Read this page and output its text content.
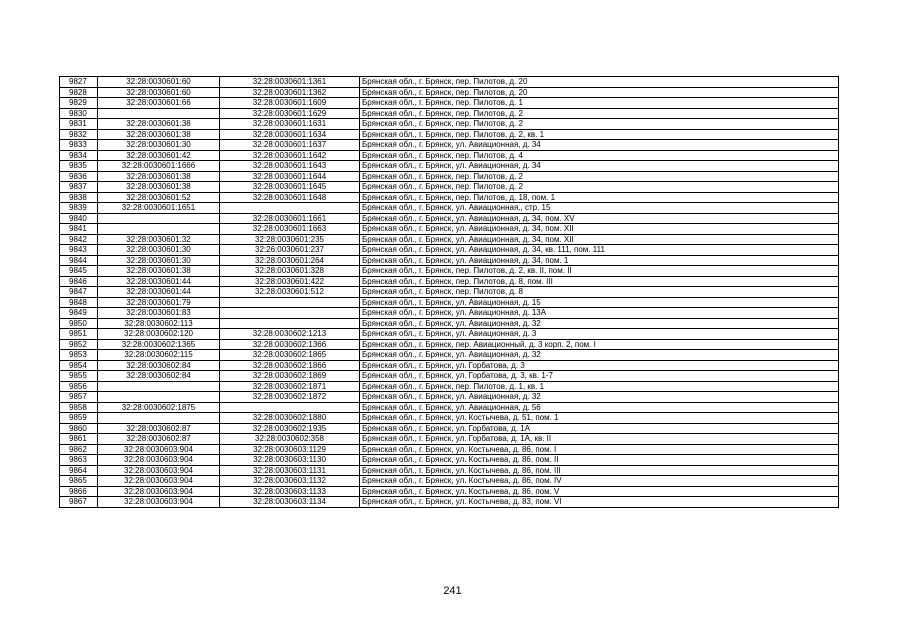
9827	32:28:0030601:60	32:28:0030601:1361	Брянская обл., г. Брянск, пер. Пилотов, д. 20
9828	32:28:0030601:60	32:28:0030601:1362	Брянская обл., г. Брянск, пер. Пилотов, д. 20
9829	32:28:0030601:66	32:28:0030601:1609	Брянская обл., г. Брянск, пер. Пилотов, д. 1
9830		32:28:0030601:1629	Брянская обл., г. Брянск, пер. Пилотов, д. 2
9831	32:28:0030601:38	32:28:0030601:1631	Брянская обл., г. Брянск, пер. Пилотов, д. 2
9832	32:28:0030601:38	32:28:0030601:1634	Брянская обл., г. Брянск, пер. Пилотов, д. 2, кв. 1
9833	32:28:0030601:30	32:28:0030601:1637	Брянская обл., г. Брянск, ул. Авиационная, д. 34
9834	32:28:0030601:42	32:28:0030601:1642	Брянская обл., г. Брянск, пер. Пилотов, д. 4
9835	32:28:0030601:1666	32:28:0030601:1643	Брянская обл., г. Брянск, ул. Авиационная, д. 34
9836	32:28:0030601:38	32:28:0030601:1644	Брянская обл., г. Брянск, пер. Пилотов, д. 2
9837	32:28:0030601:38	32:28:0030601:1645	Брянская обл., г. Брянск, пер. Пилотов, д. 2
9838	32:28:0030601:52	32:28:0030601:1648	Брянская обл., г. Брянск, пер. Пилотов, д. 18, пом. 1
9839	32:28:0030601:1651		Брянская обл., г. Брянск, ул. Авиационная,, стр. 15
9840		32:28:0030601:1661	Брянская обл., г. Брянск, ул. Авиационная, д. 34, пом. XV
9841		32:28:0030601:1663	Брянская обл., г. Брянск, ул. Авиационная, д. 34, пом. XII
9842	32:28:0030601:32	32:28:0030601:235	Брянская обл., г. Брянск, ул. Авиационная, д. 34, пом. XII
9843	32:28:0030601:30	32:26:0030601:237	Брянская обл., г. Брянск, ул. Авиационная, д. 34, кв. 111, пом. 111
9844	32:28:0030601:30	32:28:0030601:264	Брянская обл., г. Брянск, ул. Авиационная, д. 34, пом. 1
9845	32:28:0030601:38	32:28:0030601:328	Брянская обл., г. Брянск, пер. Пилотов, д. 2, кв. II, пом. II
9846	32:28:0030601:44	32:28:0030601:422	Брянская обл., г. Брянск, пер. Пилотов, д. 8, пом. III
9847	32:28:0030601:44	32:28:0030601:512	Брянская обл., г. Брянск, пер. Пилотов, д. 8
9848	32:28:0030601:79		Брянская обл., г. Брянск, ул. Авиационная, д. 15
9849	32:28:0030601:83		Брянская обл., г. Брянск, ул. Авиационная, д. 13А
9850	32:28:0030602:113		Брянская обл., г. Брянск, ул. Авиационная, д. 32
9851	32:28:0030602:120	32:28:0030602:1213	Брянская обл., г. Брянск, ул. Авиационная, д. 3
9852	32:28:0030602:1365	32:28:0030602:1366	Брянская обл., г. Брянск, пер. Авиационный, д. 3 корп. 2, пом. I
9853	32:28:0030602:115	32:28:0030602:1865	Брянская обл., г. Брянск, ул. Авиационная, д. 32
9854	32:28:0030602:84	32:28:0030602:1866	Брянская обл., г. Брянск, ул. Горбатова, д. 3
9855	32:28:0030602:84	32:28:0030602:1869	Брянская обл., г. Брянск, ул. Горбатова, д. 3, кв. 1-7
9856		32:28:0030602:1871	Брянская обл., г. Брянск, пер. Пилотов, д. 1, кв. 1
9857		32:28:0030602:1872	Брянская обл., г. Брянск, ул. Авиационная, д. 32
9858	32:28:0030602:1875		Брянская обл., г. Брянск, ул. Авиационная, д. 56
9859		32:28:0030602:1880	Брянская обл., г. Брянск, ул. Костычева, д. 51, пом. 1
9860	32:28:0030602:87	32:28:0030602:1935	Брянская обл., г. Брянск, ул. Горбатова, д. 1А
9861	32:28:0030602:87	32:28:0030602:358	Брянская обл., г. Брянск, ул. Горбатова, д. 1А, кв. II
9862	32:28:0030603:904	32:28:0030603:1129	Брянская обл., г. Брянск, ул. Костычева, д. 86, пом. I
9863	32:28:0030603:904	32:28:0030603:1130	Брянская обл., г. Брянск, ул. Костычева, д. 86, пом. II
9864	32:28:0030603:904	32:28:0030603:1131	Брянская обл., г. Брянск, ул. Костычева, д. 86, пом. III
9865	32:28:0030603:904	32:28:0030603:1132	Брянская обл., г. Брянск, ул. Костычева, д. 86, пом. IV
9866	32:28:0030603:904	32:28:0030603:1133	Брянская обл., г. Брянск, ул. Костычева, д. 86, пом. V
9867	32:28:0030603:904	32:28:0030603:1134	Брянская обл., г. Брянск, ул. Костычева, д. 83, пом. VI
241
